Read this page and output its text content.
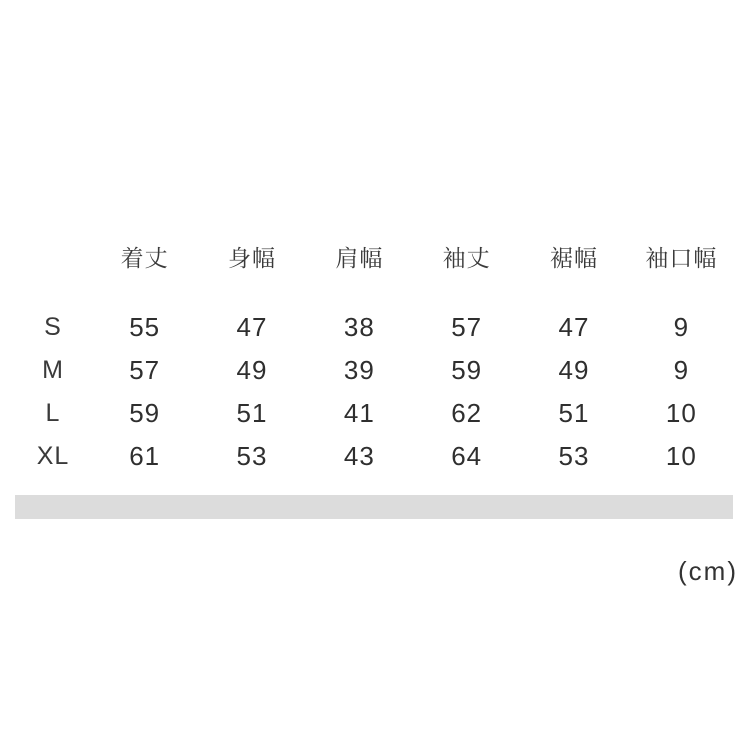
	着丈	身幅	肩幅	袖丈	裾幅	袖口幅
S	55	47	38	57	47	9
M	57	49	39	59	49	9
L	59	51	41	62	51	10
XL	61	53	43	64	53	10
(cm)
